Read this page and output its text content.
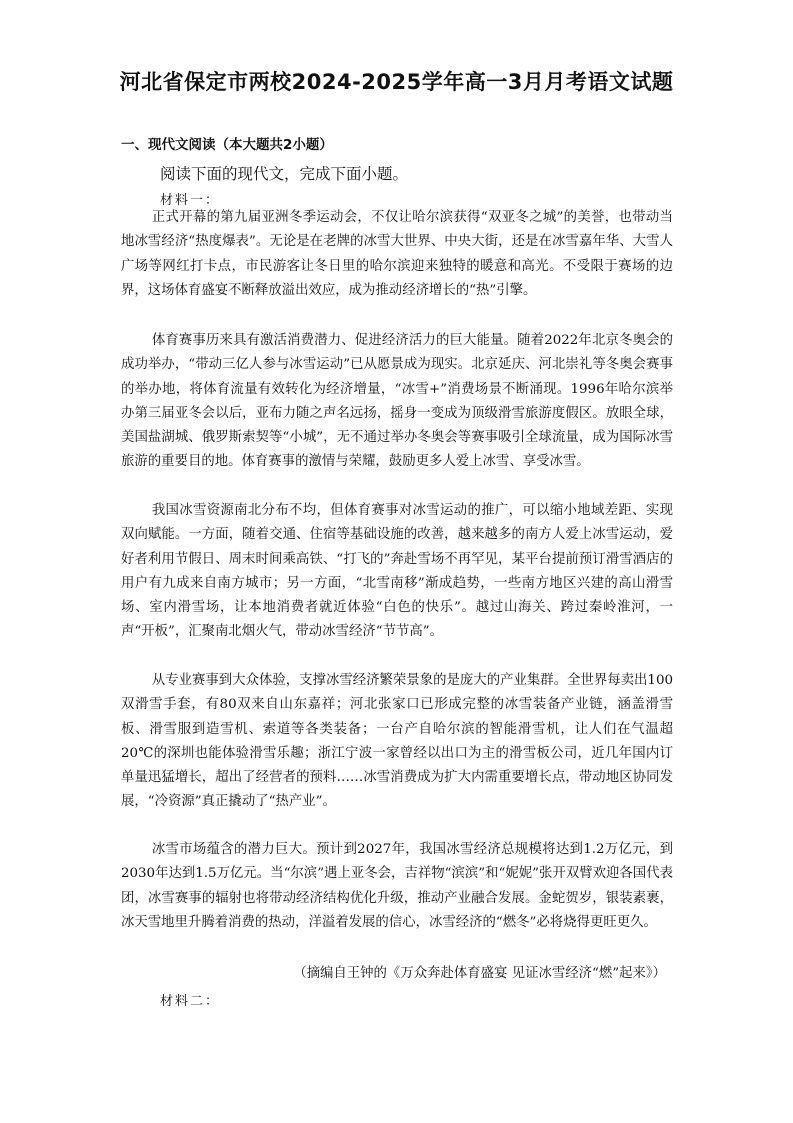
河北省保定市两校2024-2025学年高一3月月考语文试题
一、现代文阅读（本大题共2小题）
阅读下面的现代文，完成下面小题。
材料一：

正式开幕的第九届亚洲冬季运动会，不仅让哈尔滨获得“双亚冬之城”的美誉，也带动当地冰雪经济“热度爆表”。无论是在老牌的冰雪大世界、中央大街，还是在冰雪嘉年华、大雪人广场等网红打卡点，市民游客让冬日里的哈尔滨迎来独特的暖意和高光。不受限于赛场的边界，这场体育盛宴不断释放溢出效应，成为推动经济增长的“热”引擎。

体育赛事历来具有激活消费潜力、促进经济活力的巨大能量。随着2022年北京冬奥会的成功举办，“带动三亿人参与冰雪运动”已从愿景成为现实。北京延庆、河北崇礼等冬奥会赛事的举办地，将体育流量有效转化为经济增量，“冰雪+”消费场景不断涌现。1996年哈尔滨举办第三届亚冬会以后，亚布力随之声名远扬，摇身一变成为顶级滑雪旅游度假区。放眼全球，美国盐湖城、俄罗斯索契等“小城”，无不通过举办冬奥会等赛事吸引全球流量，成为国际冰雪旅游的重要目的地。体育赛事的激情与荣耀，鼓励更多人爱上冰雪、享受冰雪。

我国冰雪资源南北分布不均，但体育赛事对冰雪运动的推广，可以缩小地域差距、实现双向赋能。一方面，随着交通、住宿等基础设施的改善，越来越多的南方人爱上冰雪运动，爱好者利用节假日、周末时间乘高铁、“打飞的”奔赴雪场不再罕见，某平台提前预订滑雪酒店的用户有九成来自南方城市；另一方面，“北雪南移”渐成趋势，一些南方地区兴建的高山滑雪场、室内滑雪场，让本地消费者就近体验“白色的快乐”。越过山海关、跨过秦岭淮河，一声“开板”，汇聚南北烟火气，带动冰雪经济“节节高”。

从专业赛事到大众体验，支撑冰雪经济繁荣景象的是庞大的产业集群。全世界每卖出100双滑雪手套，有80双来自山东嘉祥；河北张家口已形成完整的冰雪装备产业链，涵盖滑雪板、滑雪服到造雪机、索道等各类装备；一台产自哈尔滨的智能滑雪机，让人们在气温超20℃的深圳也能体验滑雪乐趣；浙江宁波一家曾经以出口为主的滑雪板公司，近几年国内订单量迅猛增长，超出了经营者的预料……冰雪消费成为扩大内需重要增长点，带动地区协同发展，“冷资源”真正撬动了“热产业”。

冰雪市场蕴含的潜力巨大。预计到2027年，我国冰雪经济总规模将达到1.2万亿元，到2030年达到1.5万亿元。当“尔滨”遇上亚冬会，吉祥物“滨滨”和“妮妮”张开双臂欢迎各国代表团，冰雪赛事的辐射也将带动经济结构优化升级，推动产业融合发展。金蛇贺岁，银装素裹，冰天雪地里升腾着消费的热动，洋溢着发展的信心，冰雪经济的“燃冬”必将烧得更旺更久。

（摘编自王钟的《万众奔赴体育盛宴 见证冰雪经济“燃”起来》）
材料二：
